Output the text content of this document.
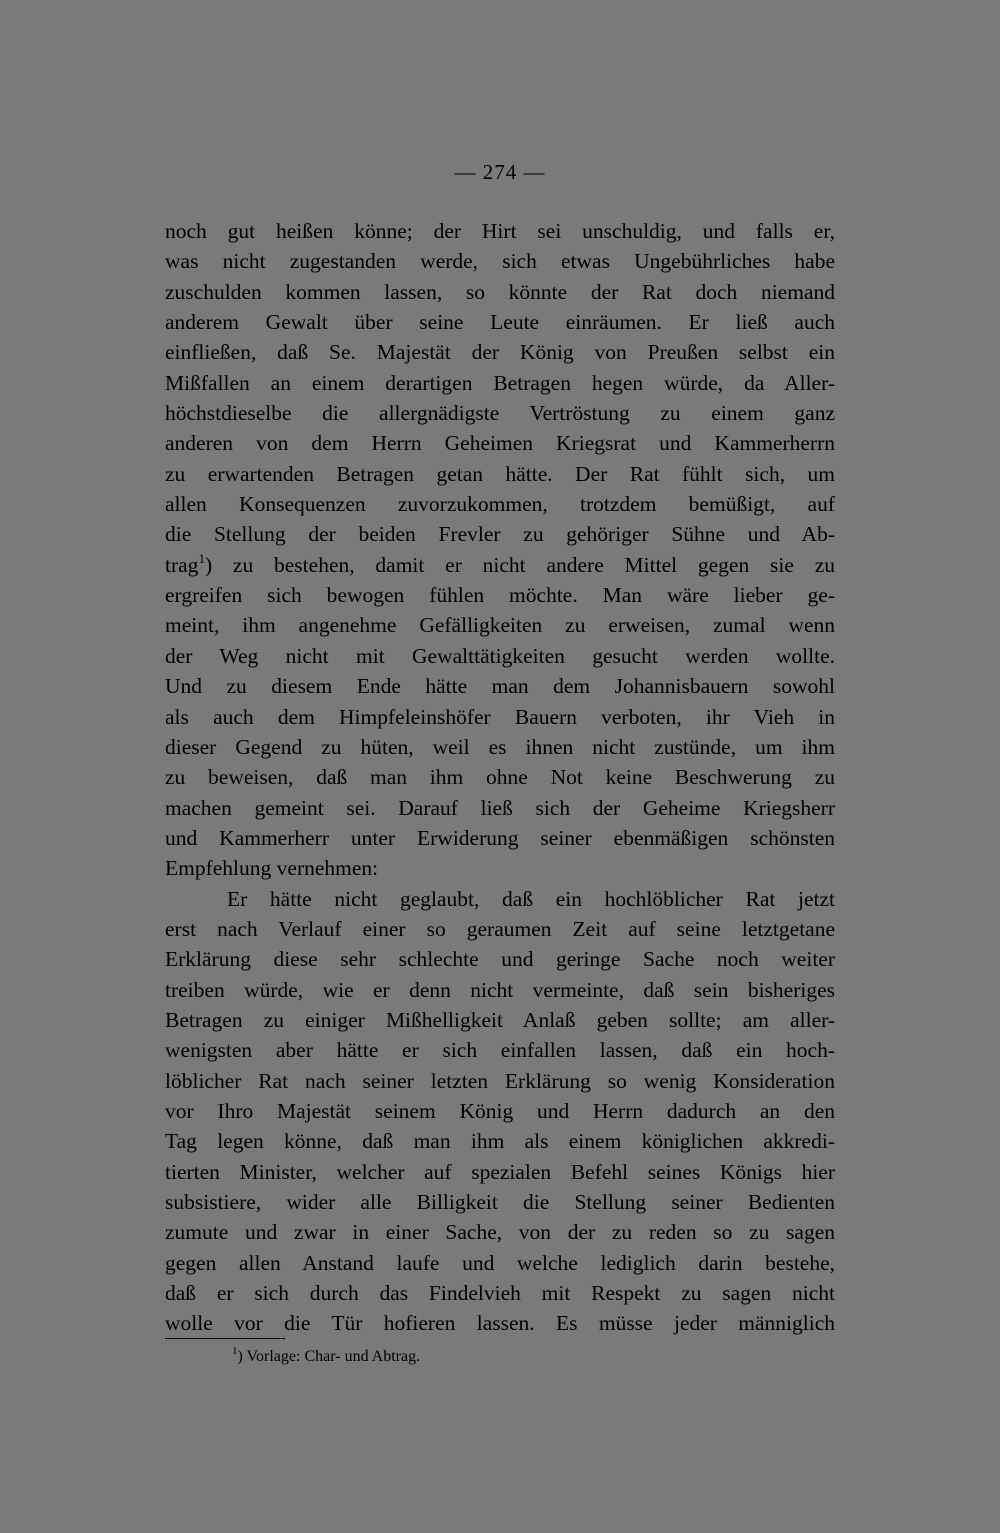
— 274 —
noch gut heißen könne; der Hirt sei unschuldig, und falls er,
was nicht zugestanden werde, sich etwas Ungebührliches habe
zuschulden kommen lassen, so könnte der Rat doch niemand
anderem Gewalt über seine Leute einräumen. Er ließ auch
einfließen, daß Se. Majestät der König von Preußen selbst ein
Mißfallen an einem derartigen Betragen hegen würde, da Aller-
höchstdieselbe die allergnädigste Vertröstung zu einem ganz
anderen von dem Herrn Geheimen Kriegsrat und Kammerherrn
zu erwartenden Betragen getan hätte. Der Rat fühlt sich, um
allen Konsequenzen zuvorzukommen, trotzdem bemüßigt, auf
die Stellung der beiden Frevler zu gehöriger Sühne und Ab-
trag$^1$) zu bestehen, damit er nicht andere Mittel gegen sie zu
ergreifen sich bewogen fühlen möchte. Man wäre lieber ge-
meint, ihm angenehme Gefälligkeiten zu erweisen, zumal wenn
der Weg nicht mit Gewalttätigkeiten gesucht werden wollte.
Und zu diesem Ende hätte man dem Johannisbauern sowohl
als auch dem Himpfeleinshöfer Bauern verboten, ihr Vieh in
dieser Gegend zu hüten, weil es ihnen nicht zustünde, um ihm
zu beweisen, daß man ihm ohne Not keine Beschwerung zu
machen gemeint sei. Darauf ließ sich der Geheime Kriegsherr
und Kammerherr unter Erwiderung seiner ebenmäßigen schönsten
Empfehlung vernehmen:
Er hätte nicht geglaubt, daß ein hochlöblicher Rat jetzt
erst nach Verlauf einer so geraumen Zeit auf seine letztgetane
Erklärung diese sehr schlechte und geringe Sache noch weiter
treiben würde, wie er denn nicht vermeinte, daß sein bisheriges
Betragen zu einiger Mißhelligkeit Anlaß geben sollte; am aller-
wenigsten aber hätte er sich einfallen lassen, daß ein hoch-
löblicher Rat nach seiner letzten Erklärung so wenig Konsideration
vor Ihro Majestät seinem König und Herrn dadurch an den
Tag legen könne, daß man ihm als einem königlichen akkredi-
tierten Minister, welcher auf spezialen Befehl seines Königs hier
subsistiere, wider alle Billigkeit die Stellung seiner Bedienten
zumute und zwar in einer Sache, von der zu reden so zu sagen
gegen allen Anstand laufe und welche lediglich darin bestehe,
daß er sich durch das Findelvieh mit Respekt zu sagen nicht
wolle vor die Tür hofieren lassen. Es müsse jeder männiglich
$^1$) Vorlage: Char- und Abtrag.
